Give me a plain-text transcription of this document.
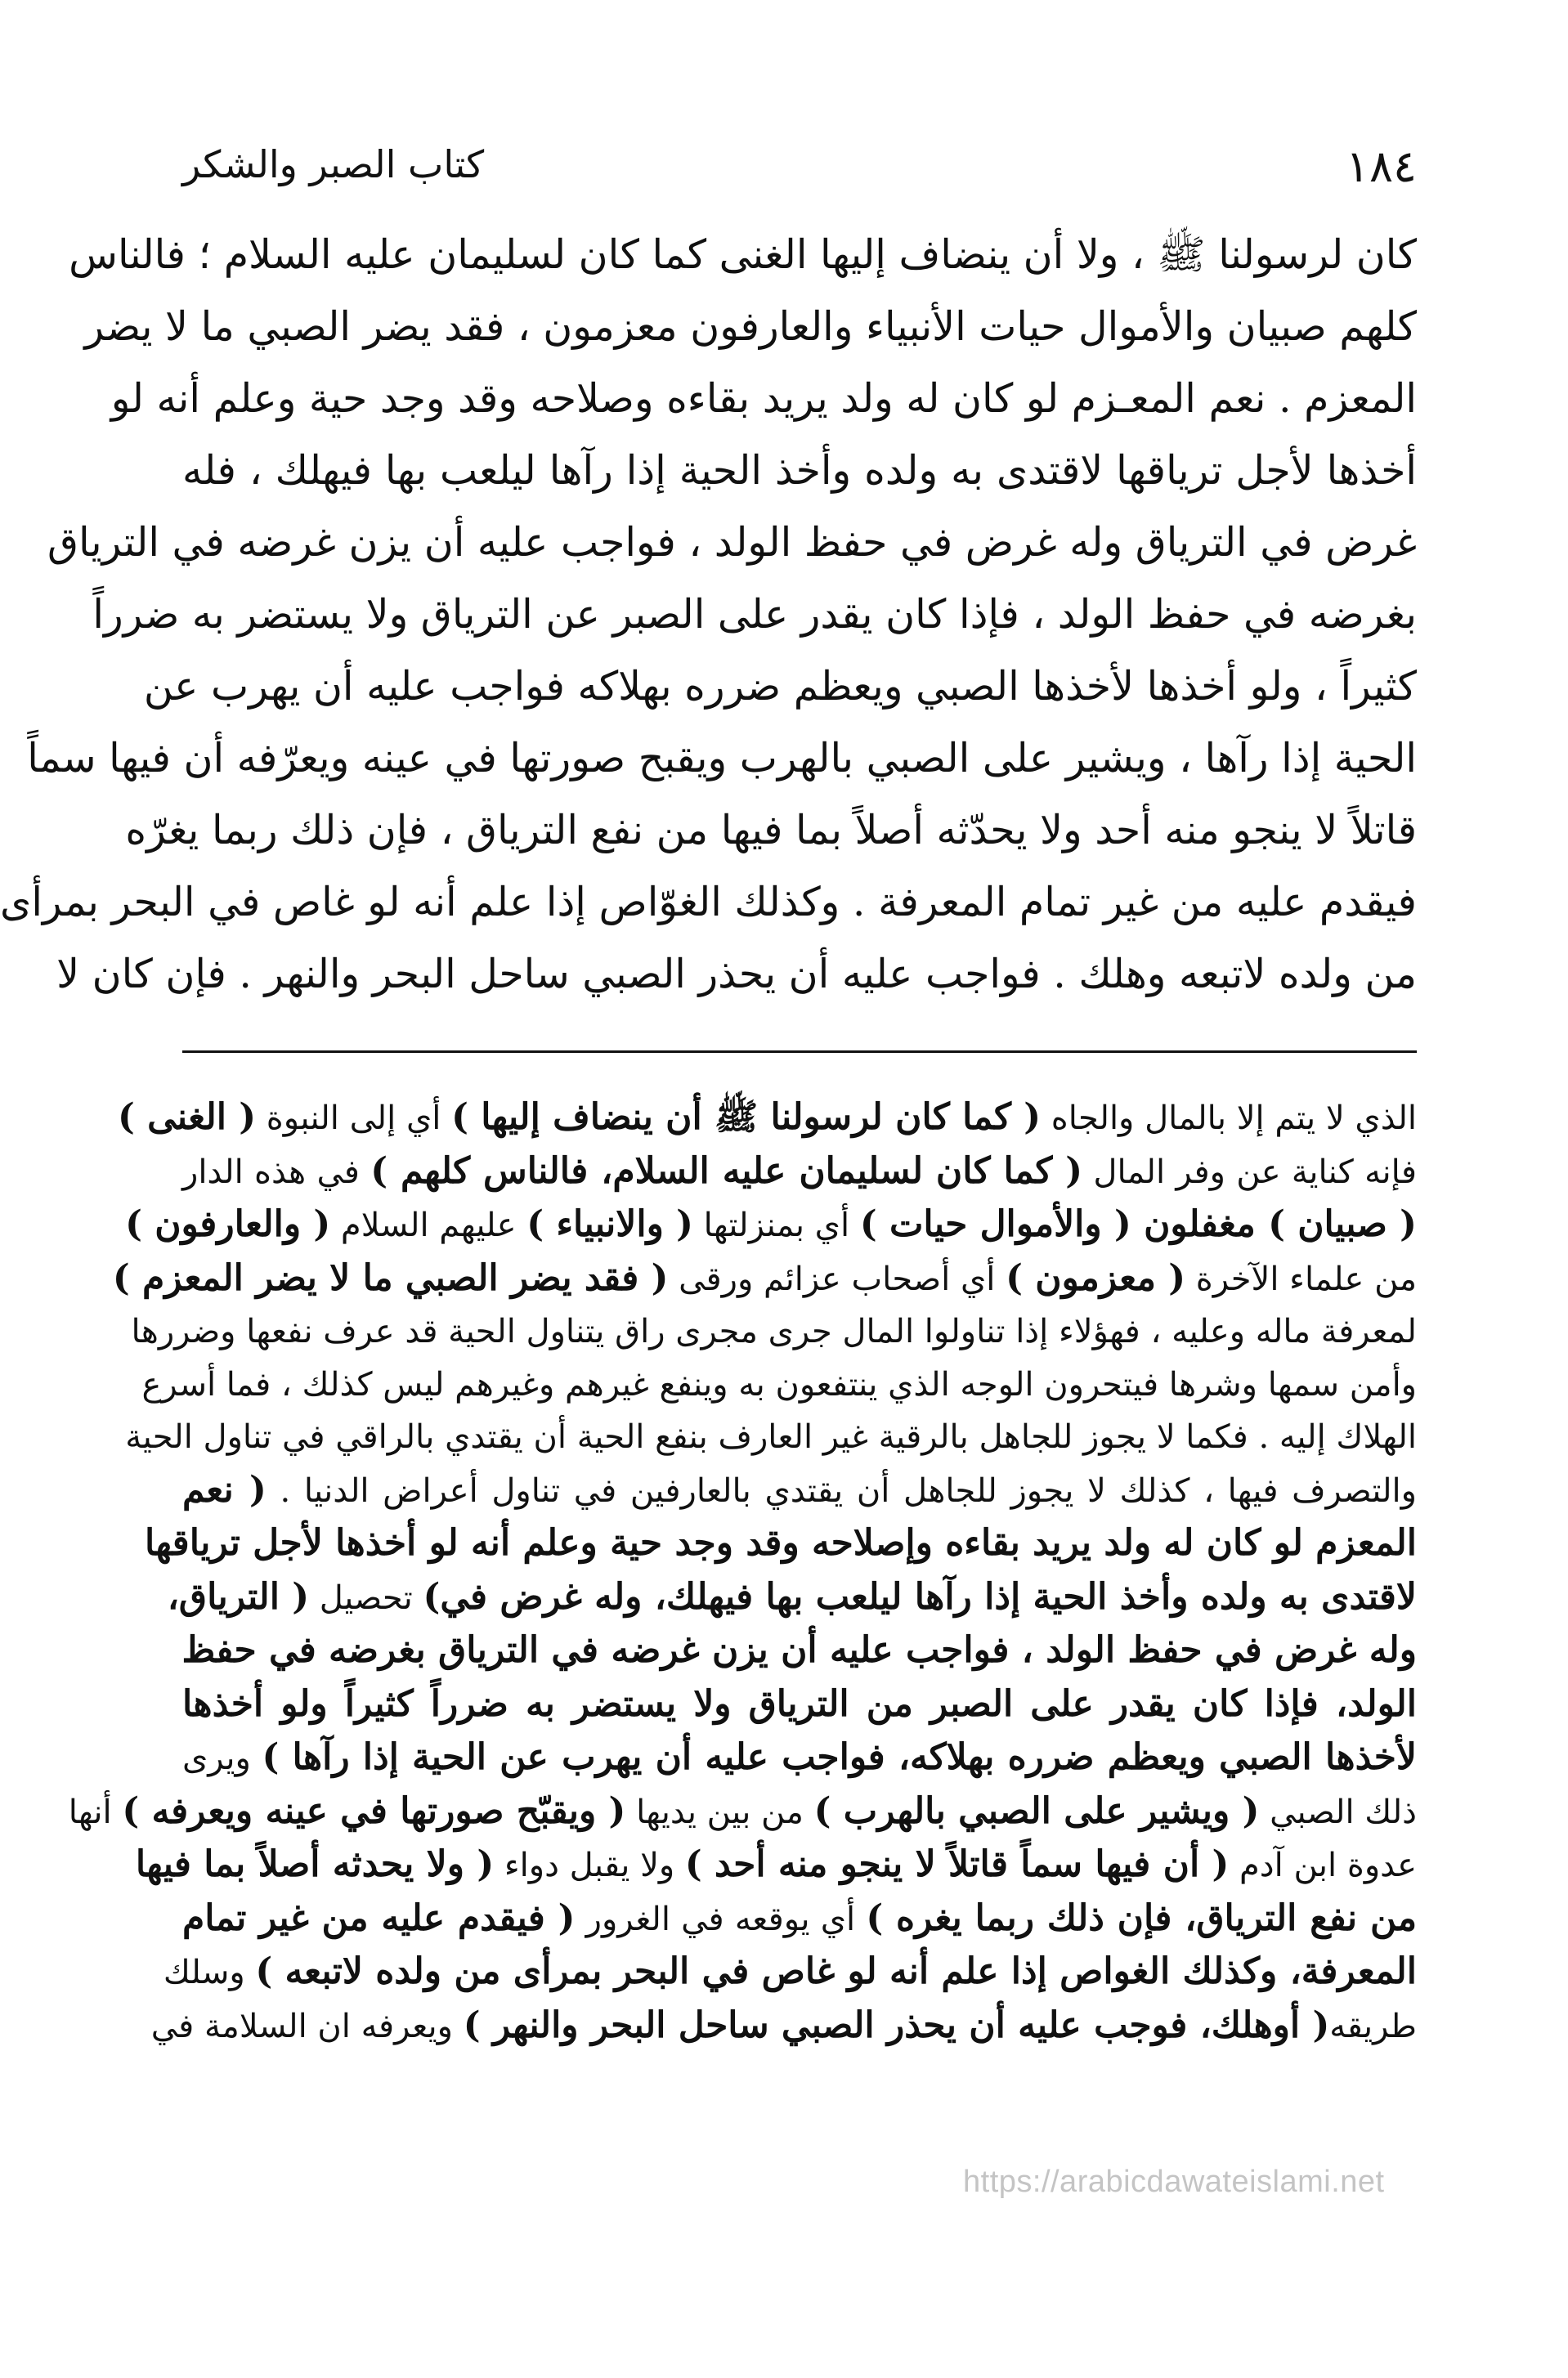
١٨٤
كتاب الصبر والشكر
كان لرسولنا ﷺ ، ولا أن ينضاف إليها الغنى كما كان لسليمان عليه السلام ؛ فالناس
كلهم صبيان والأموال حيات الأنبياء والعارفون معزمون ، فقد يضر الصبي ما لا يضر
المعزم . نعم المعـزم لو كان له ولد يريد بقاءه وصلاحه وقد وجد حية وعلم أنه لو
أخذها لأجل ترياقها لاقتدى به ولده وأخذ الحية إذا رآها ليلعب بها فيهلك ، فله
غرض في الترياق وله غرض في حفظ الولد ، فواجب عليه أن يزن غرضه في الترياق
بغرضه في حفظ الولد ، فإذا كان يقدر على الصبر عن الترياق ولا يستضر به ضرراً
كثيراً ، ولو أخذها لأخذها الصبي ويعظم ضرره بهلاكه فواجب عليه أن يهرب عن
الحية إذا رآها ، ويشير على الصبي بالهرب ويقبح صورتها في عينه ويعرّفه أن فيها سماً
قاتلاً لا ينجو منه أحد ولا يحدّثه أصلاً بما فيها من نفع الترياق ، فإن ذلك ربما يغرّه
فيقدم عليه من غير تمام المعرفة . وكذلك الغوّاص إذا علم أنه لو غاص في البحر بمرأى
من ولده لاتبعه وهلك . فواجب عليه أن يحذر الصبي ساحل البحر والنهر . فإن كان لا
الذي لا يتم إلا بالمال والجاه ( كما كان لرسولنا ﷺ أن ينضاف إليها ) أي إلى النبوة ( الغنى )
فإنه كناية عن وفر المال ( كما كان لسليمان عليه السلام، فالناس كلهم ) في هذه الدار
( صبيان ) مغفلون ( والأموال حيات ) أي بمنزلتها ( والانبياء ) عليهم السلام ( والعارفون )
من علماء الآخرة ( معزمون ) أي أصحاب عزائم ورقى ( فقد يضر الصبي ما لا يضر المعزم )
لمعرفة ماله وعليه ، فهؤلاء إذا تناولوا المال جرى مجرى راق يتناول الحية قد عرف نفعها وضررها
وأمن سمها وشرها فيتحرون الوجه الذي ينتفعون به وينفع غيرهم وغيرهم ليس كذلك ، فما أسرع
الهلاك إليه . فكما لا يجوز للجاهل بالرقية غير العارف بنفع الحية أن يقتدي بالراقي في تناول الحية
والتصرف فيها ، كذلك لا يجوز للجاهل أن يقتدي بالعارفين في تناول أعراض الدنيا . ( نعم
المعزم لو كان له ولد يريد بقاءه وإصلاحه وقد وجد حية وعلم أنه لو أخذها لأجل ترياقها
لاقتدى به ولده وأخذ الحية إذا رآها ليلعب بها فيهلك، وله غرض في) تحصيل ( الترياق،
وله غرض في حفظ الولد ، فواجب عليه أن يزن غرضه في الترياق بغرضه في حفظ
الولد، فإذا كان يقدر على الصبر من الترياق ولا يستضر به ضرراً كثيراً ولو أخذها
لأخذها الصبي ويعظم ضرره بهلاكه، فواجب عليه أن يهرب عن الحية إذا رآها ) ويرى
ذلك الصبي ( ويشير على الصبي بالهرب ) من بين يديها ( ويقبّح صورتها في عينه ويعرفه ) أنها
عدوة ابن آدم ( أن فيها سماً قاتلاً لا ينجو منه أحد ) ولا يقبل دواء ( ولا يحدثه أصلاً بما فيها
من نفع الترياق، فإن ذلك ربما يغره ) أي يوقعه في الغرور ( فيقدم عليه من غير تمام
المعرفة، وكذلك الغواص إذا علم أنه لو غاص في البحر بمرأى من ولده لاتبعه ) وسلك
طريقه( أوهلك، فوجب عليه أن يحذر الصبي ساحل البحر والنهر ) ويعرفه ان السلامة في
https://arabicdawateislami.net
